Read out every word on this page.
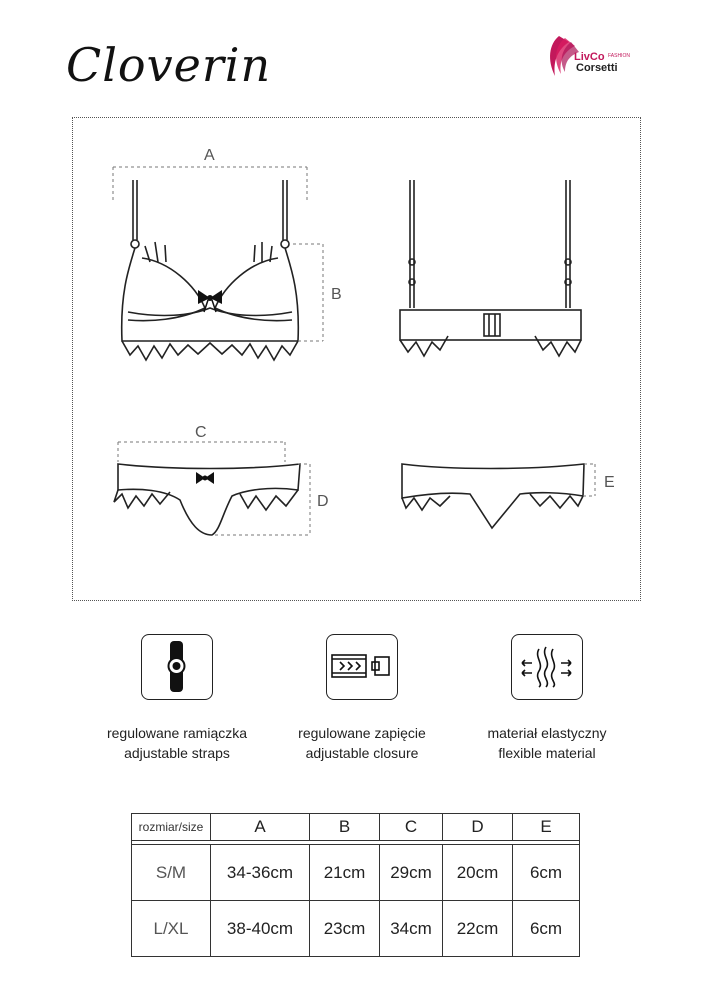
Cloverin	LivCo FASHION
Corsetti
A
B
C
D
E
regulowane ramiączka
adjustable straps
regulowane zapięcie
adjustable closure
materiał elastyczny
flexible material
rozmiar/size	A	B	C	D	E

S/M	34-36cm	21cm	29cm	20cm	6cm
L/XL	38-40cm	23cm	34cm	22cm	6cm
